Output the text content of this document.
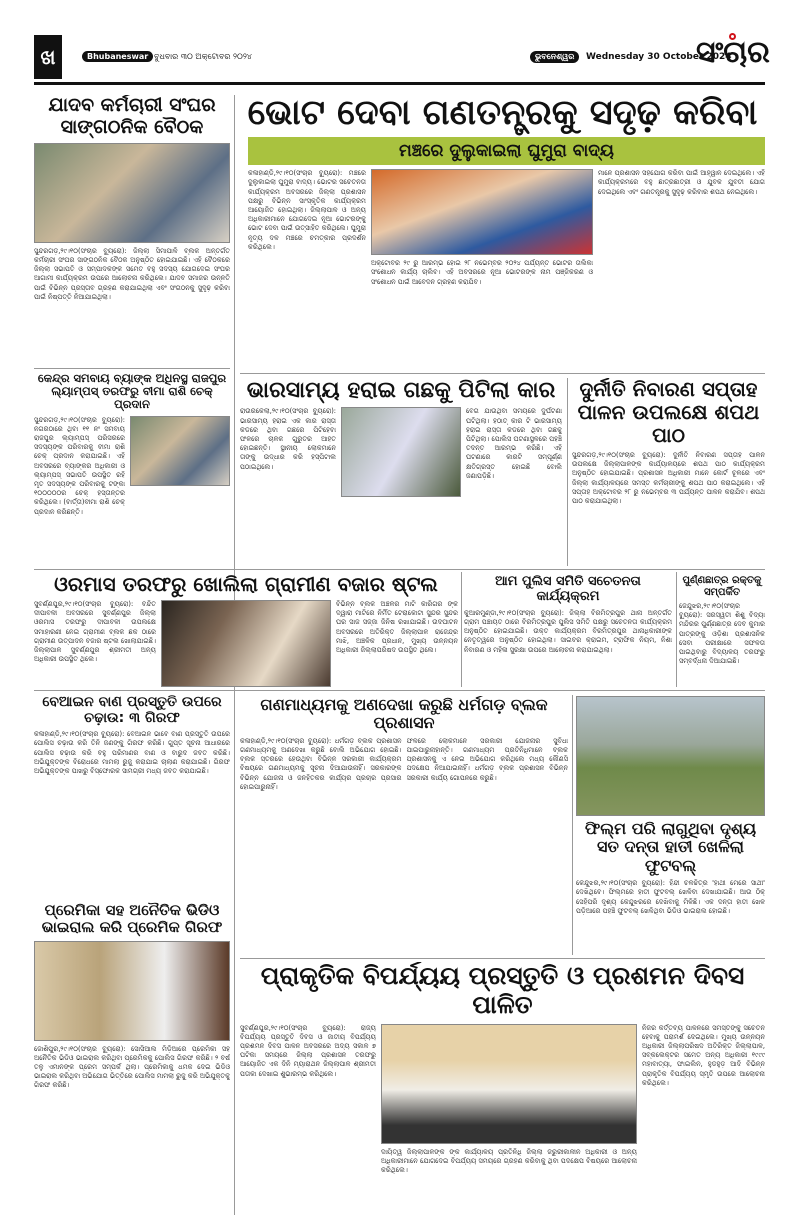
ଖ	Bhubaneswar ବୁଧବାର ୩୦ ଅକ୍ଟୋବର ୨୦୨୪	ଭୁବନେଶ୍ୱର	Wednesday 30 October 2024
ସଂଚାର
ଯାଦବ କର୍ମଚାରୀ ସଂଘର ସାଙ୍ଗଠନିକ ବୈଠକ
ସୁନ୍ଦରଗଡ଼,୨୯।୧୦(ସଂଚାର ବ୍ୟୁରୋ): ଜିଲ୍ଲା ସିମାପାଳି ବ୍ଲକ ଅନ୍ତର୍ଗତ କର୍ମଚାରୀ ସଂଘର ସାଙ୍ଗଠନିକ ବୈଠକ ଅନୁଷ୍ଠିତ ହୋଇଯାଇଛି। ଏହି ବୈଠକରେ ଜିଲ୍ଲା ସଭାପତି ଓ ସମ୍ପାଦକଙ୍କ ସମେତ ବହୁ ସଦସ୍ୟ ଯୋଗଦେଇ ସଂଘର ଆଗାମୀ କାର୍ଯ୍ୟକ୍ରମ ଉପରେ ଆଲୋଚନା କରିଥିଲେ। ଯାଦବ ସମାଜର ଉନ୍ନତି ପାଇଁ ବିଭିନ୍ନ ପ୍ରସ୍ତାବ ଗ୍ରହଣ କରାଯାଇଥିଲା ଏବଂ ସଂଗଠନକୁ ସୁଦୃଢ଼ କରିବା ପାଇଁ ନିଷ୍ପତ୍ତି ନିଆଯାଇଥିଲା।
କେନ୍ଦ୍ର ସମବାୟ ବ୍ୟାଙ୍କ ଅଧିନସ୍ଥ ରାଜପୁର ଲ୍ୟାମ୍ପସ୍ ତରଫରୁ ବୀମା ରାଶି ଚେକ୍ ପ୍ରଦାନ
ସୁନ୍ଦରଗଡ଼,୨୯।୧୦(ସଂଚାର ବ୍ୟୁରୋ): ନଗରଠାରେ ଥିବା ୧୧ ନଂ ସମବାୟ ରାଜପୁର ଲ୍ୟାମ୍ପସ୍ ପରିସରରେ ସଦସ୍ୟଙ୍କ ପରିବାରକୁ ବୀମା ରାଶି ଚେକ୍ ପ୍ରଦାନ କରାଯାଇଛି। ଏହି ଅବସରରେ ବ୍ୟାଙ୍କର ଅଧିକାରୀ ଓ ଲ୍ୟାମ୍ପସ୍ ସଭାପତି ଉପସ୍ଥିତ ରହି ମୃତ ସଦସ୍ୟଙ୍କ ପରିବାରକୁ ଟଙ୍କା ୧୦୦୦୦୦ର ଚେକ୍ ହସ୍ତାନ୍ତର କରିଥିଲେ। (ବାର୍ତ୍ତା)ବୀମା ରାଶି ଚେକ୍ ପ୍ରଦାନ କରିଛନ୍ତି।
ଭୋଟ ଦେବା ଗଣତନ୍ତ୍ରକୁ ସଦୃଢ଼ କରିବା
ମଞ୍ଚରେ ଦୁଲୁକାଇଲା ଘୁମୁରା ବାଦ୍ୟ
କଳାହାଣ୍ଡି,୨୯।୧୦(ସଂଚାର ବ୍ୟୁରୋ): ମଞ୍ଚରେ ଦୁଲୁକାଇଲା ଘୁମୁରା ବାଦ୍ୟ। ଭୋଟର ସଚେତନତା କାର୍ଯ୍ୟକ୍ରମ ଅବସରରେ ଜିଲ୍ଲା ପ୍ରଶାସନ ପକ୍ଷରୁ ବିଭିନ୍ନ ସାଂସ୍କୃତିକ କାର୍ଯ୍ୟକ୍ରମ ଆୟୋଜିତ ହୋଇଥିଲା। ଜିଲ୍ଲାପାଳ ଓ ଅନ୍ୟ ଅଧିକାରୀମାନେ ଯୋଗଦେଇ ନୂଆ ଭୋଟରଙ୍କୁ ଭୋଟ ଦେବା ପାଇଁ ଉତ୍ସାହିତ କରିଥିଲେ। ଘୁମୁରା ନୃତ୍ୟ ଦଳ ମଞ୍ଚରେ ଚମତ୍କାର ପ୍ରଦର୍ଶନ କରିଥିଲେ।
ଅକ୍ଟୋବର ୨୯ ରୁ ଆରମ୍ଭ ହୋଇ ୨୮ ନଭେମ୍ବର ୨୦୨୪ ପର୍ଯ୍ୟନ୍ତ ଭୋଟର ତାଲିକା ସଂଶୋଧନ କାର୍ଯ୍ୟ ଚାଲିବ। ଏହି ଅବସରରେ ନୂଆ ଭୋଟରଙ୍କ ନାମ ପଞ୍ଜିକରଣ ଓ ସଂଶୋଧନ ପାଇଁ ଆବେଦନ ଗ୍ରହଣ କରାଯିବ।
ମାନେ ପ୍ରଶାସନ ସହଯୋଗ କରିବା ପାଇଁ ଆହ୍ୱାନ ଦେଇଥିଲେ। ଏହି କାର୍ଯ୍ୟକ୍ରମରେ ବହୁ ଛାତ୍ରଛାତ୍ରୀ ଓ ଯୁବକ ଯୁବତୀ ଯୋଗ ଦେଇଥିଲେ ଏବଂ ଗଣତନ୍ତ୍ରକୁ ସୁଦୃଢ଼ କରିବାର ଶପଥ ନେଇଥିଲେ।
ଭାରସାମ୍ୟ ହରାଇ ଗଛକୁ ପିଟିଲା କାର
ରାଉରକେଲା,୨୯।୧୦(ସଂଚାର ବ୍ୟୁରୋ): ଭାରସାମ୍ୟ ହରାଇ ଏକ କାର ରାସ୍ତା କଡରେ ଥିବା ଗଛରେ ପିଟିହେବା ଫଳରେ ଚାଳକ ଗୁରୁତର ଆହତ ହୋଇଛନ୍ତି। ସ୍ଥାନୀୟ ଲୋକମାନେ ତାଙ୍କୁ ଉଦ୍ଧାର କରି ହସ୍ପିଟାଲ ପଠାଇଥିଲେ।
ବେଗ ଯାଉଥିବା ସମୟରେ ଦୁର୍ଘଟଣା ଘଟିଥିଲା। ହଠାତ୍ କାର ଟି ଭାରସାମ୍ୟ ହରାଇ ରାସ୍ତା କଡରେ ଥିବା ଗଛକୁ ପିଟିଥିଲା। ପୋଲିସ ଘଟଣାସ୍ଥଳରେ ପହଞ୍ଚି ତଦନ୍ତ ଆରମ୍ଭ କରିଛି। ଏହି ଘଟଣାରେ କାରଟି ସମ୍ପୂର୍ଣ୍ଣ କ୍ଷତିଗ୍ରସ୍ତ ହୋଇଛି ବୋଲି ଜଣାପଡ଼ିଛି।
ଦୁର୍ନୀତି ନିବାରଣ ସପ୍ତାହ ପାଳନ ଉପଲକ୍ଷେ ଶପଥ ପାଠ
ସୁନ୍ଦରଗଡ଼,୨୯।୧୦(ସଂଚାର ବ୍ୟୁରୋ): ଦୁର୍ନୀତି ନିବାରଣ ସପ୍ତାହ ପାଳନ ଉପଲକ୍ଷେ ଜିଲ୍ଲାପାଳଙ୍କ କାର୍ଯ୍ୟାଳୟରେ ଶପଥ ପାଠ କାର୍ଯ୍ୟକ୍ରମ ଅନୁଷ୍ଠିତ ହୋଇଯାଇଛି। ପ୍ରଶାସନ ଅଧିକାରୀ ମାନେ କୋର୍ଟ ଚୂଳରେ ଏବଂ ଜିଲ୍ଲା କାର୍ଯ୍ୟାଳୟରେ ସମସ୍ତ କର୍ମଚାରୀଙ୍କୁ ଶପଥ ପାଠ କରାଇଥିଲେ। ଏହି ସପ୍ତାହ ଅକ୍ଟୋବର ୨୮ ରୁ ନଭେମ୍ବର ୩ ପର୍ଯ୍ୟନ୍ତ ପାଳନ କରାଯିବ। ଶପଥ ପାଠ କରାଯାଇଥିଲା।
ଓରମାସ ତରଫରୁ ଖୋଲିଲା ଗ୍ରାମୀଣ ବଜାର ଷ୍ଟଲ
ସୁବର୍ଣ୍ଣପୁର,୨୯।୧୦(ସଂଚାର ବ୍ୟୁରୋ): ବନ୍ଦିତ ଦୀପାବଳୀ ଅବସରରେ ସୁବର୍ଣ୍ଣପୁର ଜିଲ୍ଲା ଓରମାସ ତରଫରୁ ଦୀପାବଳୀ ଉପଲକ୍ଷେ ସମାହାରଣୀ ନେଇ ଗ୍ରାମୀଣ ବ୍ଲକ ଛକ ଠାରେ ଗ୍ରାମୀଣ ଉତ୍ପାଦନ ବଜାର ଷ୍ଟଲ ଖୋଲାଯାଇଛି। ଜିଲ୍ଲାପାଳ ସୁବର୍ଣ୍ଣପୁର ଶ୍ରୀମତୀ ଅନ୍ୟ ଅଧିକାରୀ ଉପସ୍ଥିତ ଥିଲେ।
ବିଭିନ୍ନ ବ୍ଲକ ଅଞ୍ଚଳର ମାଟି କାରିଗର ଙ୍କ ଦ୍ୱାରା ମାଟିରେ ନିର୍ମିତ ଟେରାକୋଟା ସୁନ୍ଦର ସୁନ୍ଦର ଘର ସାଜ ସଜ୍ଜା ଜିନିଷ ରଖାଯାଇଛି। ଉଦଘାଟନ ଅବସରରେ ଅତିରିକ୍ତ ଜିଲ୍ଲାପାଳ ରାଜେନ୍ଦ୍ର ମାଝି, ଅଞ୍ଚଳିକ ପ୍ରଧାନ, ମୁଖ୍ୟ ଉନ୍ନୟନ ଅଧିକାରୀ ଜିଲ୍ଲାପରିଷଦ ଉପସ୍ଥିତ ଥିଲେ।
ଆମ ପୁଲିସ ସମିତି ସଚେତନତା କାର୍ଯ୍ୟକ୍ରମ
କୁଆରମୁଣ୍ଡା,୨୯।୧୦(ସଂଚାର ବ୍ୟୁରୋ): ଜିଲ୍ଲା ବିରମିତ୍ରପୁର ଥାନା ଅନ୍ତର୍ଗତ ଗ୍ରାମ ପଞ୍ଚାୟତ ଠାରେ ବିରମିତ୍ରପୁର ପୁଲିସ ସମିତି ପକ୍ଷରୁ ସଚେତନତା କାର୍ଯ୍ୟକ୍ରମ ଅନୁଷ୍ଠିତ ହୋଇଯାଇଛି। ଉକ୍ତ କାର୍ଯ୍ୟକ୍ରମ ବିରମିତ୍ରପୁର ଥାନାଧିକାରୀଙ୍କ ନେତୃତ୍ୱରେ ଅନୁଷ୍ଠିତ ହୋଇଥିଲା। ସାଇବର କ୍ରାଇମ, ଟ୍ରାଫିକ ନିୟମ, ନିଶା ନିବାରଣ ଓ ମହିଳା ସୁରକ୍ଷା ଉପରେ ଆଲୋଚନା କରାଯାଇଥିଲା।
ପୁର୍ଣ୍ଣଛାତ୍ର ରକ୍ତକୁ ସମ୍ପର୍କିତ
ଜେନ୍ଦୁଝର,୨୯।୧୦(ସଂଚାର ବ୍ୟୁରୋ): ସରସ୍ୱତୀ ଶିଶୁ ବିଦ୍ୟା ମନ୍ଦିରର ପୁର୍ଣ୍ଣଛାତ୍ର ଦେବ କୁମାର ପାତ୍ରଙ୍କୁ ଓଡ଼ିଶା ପ୍ରଶାସନିକ ସେବା ପରୀକ୍ଷାରେ ସଫଳତା ପାଇଥିବାରୁ ବିଦ୍ୟାଳୟ ତରଫରୁ ସମ୍ବର୍ଦ୍ଧନା ଦିଆଯାଇଛି।
ବେଆଇନ ବାଣ ପ୍ରସ୍ତୁତି ଉପରେ ଚଢ଼ାଉ: ୩ ଗିରଫ
କଳାହାଣ୍ଡି,୨୯।୧୦(ସଂଚାର ବ୍ୟୁରୋ): ବେଆଇନ ଭାବେ ବାଣ ପ୍ରସ୍ତୁତି ଉପରେ ପୋଲିସ ଚଢ଼ାଉ କରି ତିନି ଜଣଙ୍କୁ ଗିରଫ କରିଛି। ଗୁପ୍ତ ସୂଚନା ଆଧାରରେ ପୋଲିସ ଚଢ଼ାଉ କରି ବହୁ ପରିମାଣର ବାଣ ଓ ବାରୁଦ ଜବତ କରିଛି। ଅଭିଯୁକ୍ତଙ୍କ ବିରୋଧରେ ମାମଲା ରୁଜୁ କରାଯାଇ ଚାଲାଣ କରାଯାଇଛି। ଗିରଫ ଅଭିଯୁକ୍ତଙ୍କ ପାଖରୁ ବିସ୍ଫୋରକ ସାମଗ୍ରୀ ମଧ୍ୟ ଜବତ କରାଯାଇଛି।
ପ୍ରେମିକା ସହ ଅନୈତିକ ଭିଡିଓ ଭାଇରାଲ କରି ପ୍ରେମିକ ଗିରଫ
ଜୋଶିପୁର,୨୯।୧୦(ସଂଚାର ବ୍ୟୁରୋ): ସୋସିଆଲ ମିଡ଼ିଆରେ ପ୍ରେମିକା ସହ ଅନୈତିକ ଭିଡିଓ ଭାଇରାଲ କରିଥିବା ପ୍ରେମିକକୁ ପୋଲିସ ଗିରଫ କରିଛି। ୨ ବର୍ଷ ତଳୁ ଏମାନଙ୍କ ପ୍ରେମ ସମ୍ପର୍କ ଥିଲା। ପ୍ରେମିକାକୁ ଧମକ ଦେଇ ଭିଡିଓ ଭାଇରାଲ କରିଥିବା ଅଭିଯୋଗ ଭିତ୍ତିରେ ପୋଲିସ ମାମଲା ରୁଜୁ କରି ଅଭିଯୁକ୍ତକୁ ଗିରଫ କରିଛି।
ଗଣମାଧ୍ୟମକୁ ଅଣଦେଖା କରୁଛି ଧର୍ମଗଡ଼ ବ୍ଲକ ପ୍ରଶାସନ
କଳାହାଣ୍ଡି,୨୯।୧୦(ସଂଚାର ବ୍ୟୁରୋ): ଧର୍ମଗଡ଼ ବ୍ଲକ ପ୍ରଶାସନ ଗଣମାଧ୍ୟମକୁ ଅଣଦେଖା କରୁଛି ବୋଲି ଅଭିଯୋଗ ହୋଇଛି। ବ୍ଲକ ସ୍ତରରେ ହେଉଥିବା ବିଭିନ୍ନ ସରକାରୀ କାର୍ଯ୍ୟକ୍ରମ ବିଷୟରେ ଗଣମାଧ୍ୟମକୁ ସୂଚନା ଦିଆଯାଉନାହିଁ। ସରକାରଙ୍କ ବିଭିନ୍ନ ଯୋଜନା ଓ ଜନହିତକର କାର୍ଯ୍ୟର ପ୍ରଚାର ପ୍ରସାର ହୋଇପାରୁନାହିଁ।
ଫଳରେ ଲୋକମାନେ ସରକାରୀ ଯୋଜନାର ସୁବିଧା ପାଇପାରୁନାହାନ୍ତି। ଗଣମାଧ୍ୟମ ପ୍ରତିନିଧିମାନେ ବ୍ଲକ ପ୍ରଶାସନକୁ ଏ ନେଇ ଅଭିଯୋଗ କରିଥିଲେ ମଧ୍ୟ କୌଣସି ପଦକ୍ଷେପ ନିଆଯାଇନାହିଁ। ଧର୍ମଗଡ଼ ବ୍ଲକ ପ୍ରଶାସନ ବିଭିନ୍ନ ସରକାରୀ କାର୍ଯ୍ୟ ଗୋପନରେ କରୁଛି।
ଫିଲ୍ମ ପରି ଲାଗୁଥିବା ଦୃଶ୍ୟ ସତ ଦନ୍ତା ହାତୀ ଖେଳିଲା ଫୁଟବଲ୍
କେନ୍ଦୁଝର,୨୯।୧୦(ସଂଚାର ବ୍ୟୁରୋ): ହିନ୍ଦୀ ଚଳଚ୍ଚିତ୍ର 'ହାଥୀ ମେରେ ସାଥୀ' ଦେଖିଥିବେ। ଫିଲ୍ମରେ ହାତୀ ଫୁଟବଲ୍ ଖେଳିବା ଦେଖାଯାଇଛି। ଆଉ ଠିକ୍ ସେହିପରି ଦୃଶ୍ୟ କେନ୍ଦୁଝରରେ ଦେଖିବାକୁ ମିଳିଛି। ଏକ ଦନ୍ତା ହାତୀ ଖେଳ ପଡ଼ିଆରେ ପହଞ୍ଚି ଫୁଟବଲ୍ ଖେଳିଥିବା ଭିଡିଓ ଭାଇରାଲ ହୋଇଛି।
ପ୍ରାକୃତିକ ବିପର୍ଯ୍ୟୟ ପ୍ରସ୍ତୁତି ଓ ପ୍ରଶମନ ଦିବସ ପାଳିତ
ସୁବର୍ଣ୍ଣପୁର,୨୯।୧୦(ସଂଚାର ବ୍ୟୁରୋ): ରାଜ୍ୟ ବିପର୍ଯ୍ୟୟ ପ୍ରସ୍ତୁତି ଦିବସ ଓ ଜାତୀୟ ବିପର୍ଯ୍ୟୟ ପ୍ରଶମନ ଦିବସ ପାଳନ ଅବସରରେ ଅଦ୍ୟ ସକାଳ ୭ ଘଟିକା ସମୟରେ ଜିଲ୍ଲା ପ୍ରଶାସନ ତରଫରୁ ଆୟୋଜିତ ଏକ ଦିନି ମ୍ୟାରାଥନ ଜିଲ୍ଲାପାଳ ଶ୍ରୀମତୀ ପତାକା ଦେଖାଇ ଶୁଭାରମ୍ଭ କରିଥିଲେ।
ଦାୟିତ୍ୱ ଜିଲ୍ଲାପାଳଙ୍କ ଙ୍କ କାର୍ଯ୍ୟାଳୟ ପ୍ରତିନିଧି ଜିଲ୍ଲା ଜରୁରୀକାଳୀନ ଅଧିକାରୀ ଓ ଅନ୍ୟ ଅଧିକାରୀମାନେ ଯୋଗଦେଇ ବିପର୍ଯ୍ୟୟ ସମୟରେ ଗ୍ରହଣ କରିବାକୁ ଥିବା ପଦକ୍ଷେପ ବିଷୟରେ ଆଲୋଚନା କରିଥିଲେ।
ନିଜର କର୍ତ୍ତବ୍ୟ ପାଳନରେ ସମସ୍ତଙ୍କୁ ସଚେତନ ହେବାକୁ ପରାମର୍ଶ ଦେଇଥିଲେ। ମୁଖ୍ୟ ଉନ୍ନୟନ ଅଧିକାରୀ ଜିଲ୍ଲାପରିଷଦ ଅତିରିକ୍ତ ଜିଲ୍ଲାପାଳ, ସବ୍‌କଲେକ୍ଟର ସମେତ ଅନ୍ୟ ଅଧିକାରୀ ୧୯୯୯ ମହାବାତ୍ୟା, ଫାଇଲିନ, ହୁଡହୁଡ଼ ଆଦି ବିଭିନ୍ନ ପ୍ରାକୃତିକ ବିପର୍ଯ୍ୟୟ ସ୍ମୃତି ଉପରେ ଆଲୋଚନା କରିଥିଲେ।
